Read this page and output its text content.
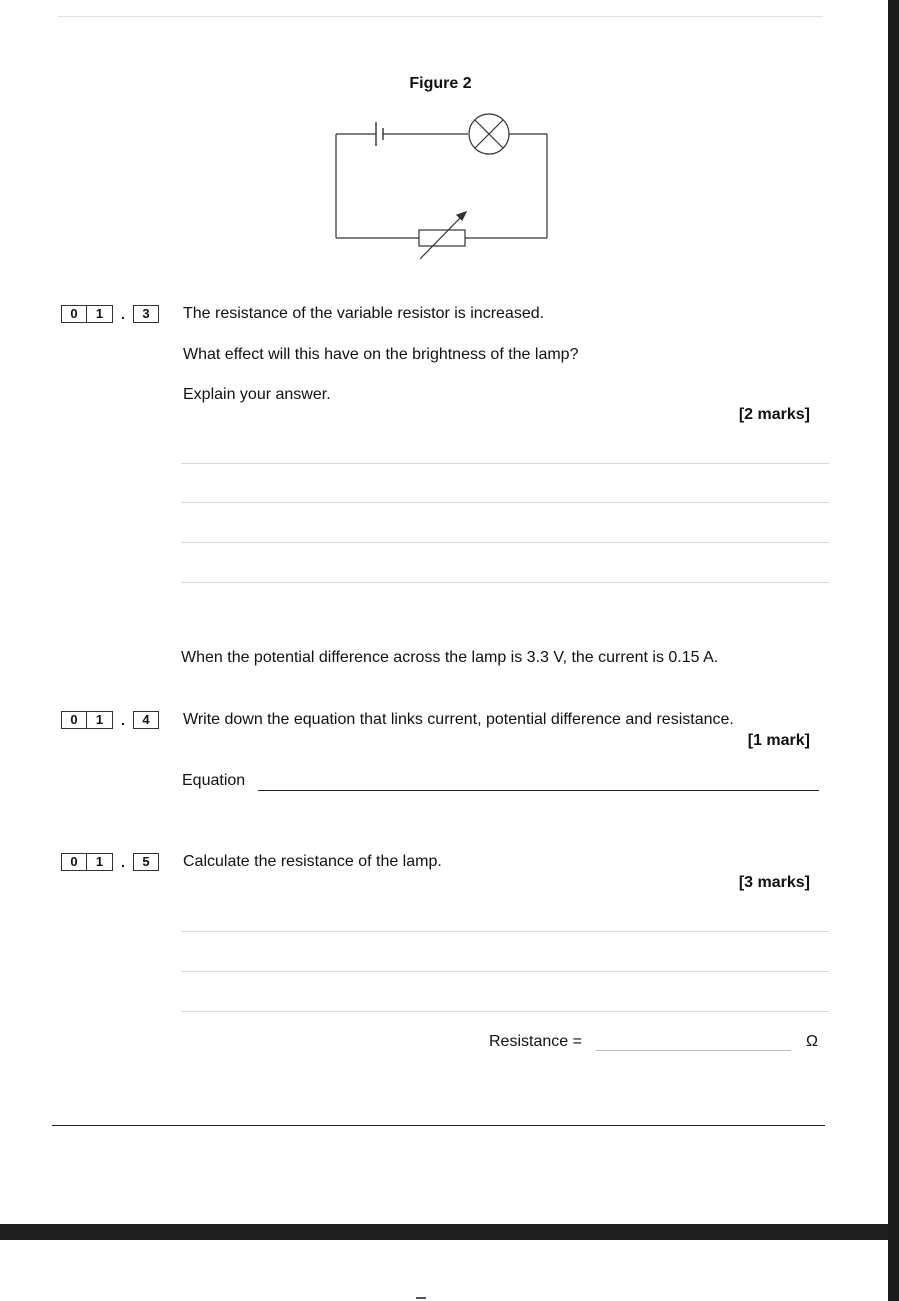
Figure 2
0	1	.	3	The resistance of the variable resistor is increased.
What effect will this have on the brightness of the lamp?
Explain your answer.
[2 marks]
When the potential difference across the lamp is 3.3 V, the current is 0.15 A.
0	1	.	4	Write down the equation that links current, potential difference and resistance.
[1 mark]
Equation
0	1	.	5	Calculate the resistance of the lamp.
[3 marks]
Resistance =	Ω
